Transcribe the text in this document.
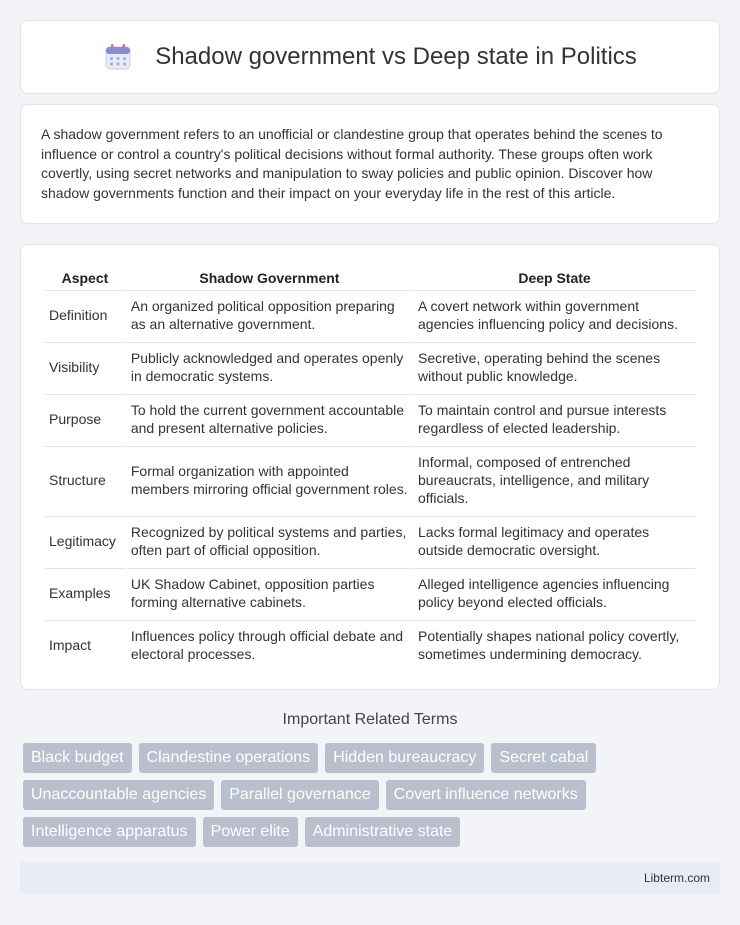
Shadow government vs Deep state in Politics

A shadow government refers to an unofficial or clandestine group that operates behind the scenes to influence or control a country's political decisions without formal authority. These groups often work covertly, using secret networks and manipulation to sway policies and public opinion. Discover how shadow governments function and their impact on your everyday life in the rest of this article.

Aspect	Shadow Government	Deep State
Definition	An organized political opposition preparing as an alternative government.	A covert network within government agencies influencing policy and decisions.
Visibility	Publicly acknowledged and operates openly in democratic systems.	Secretive, operating behind the scenes without public knowledge.
Purpose	To hold the current government accountable and present alternative policies.	To maintain control and pursue interests regardless of elected leadership.
Structure	Formal organization with appointed members mirroring official government roles.	Informal, composed of entrenched bureaucrats, intelligence, and military officials.
Legitimacy	Recognized by political systems and parties, often part of official opposition.	Lacks formal legitimacy and operates outside democratic oversight.
Examples	UK Shadow Cabinet, opposition parties forming alternative cabinets.	Alleged intelligence agencies influencing policy beyond elected officials.
Impact	Influences policy through official debate and electoral processes.	Potentially shapes national policy covertly, sometimes undermining democracy.
Important Related Terms
Black budget	Clandestine operations	Hidden bureaucracy	Secret cabal
Unaccountable agencies	Parallel governance	Covert influence networks
Intelligence apparatus	Power elite	Administrative state
Libterm.com
